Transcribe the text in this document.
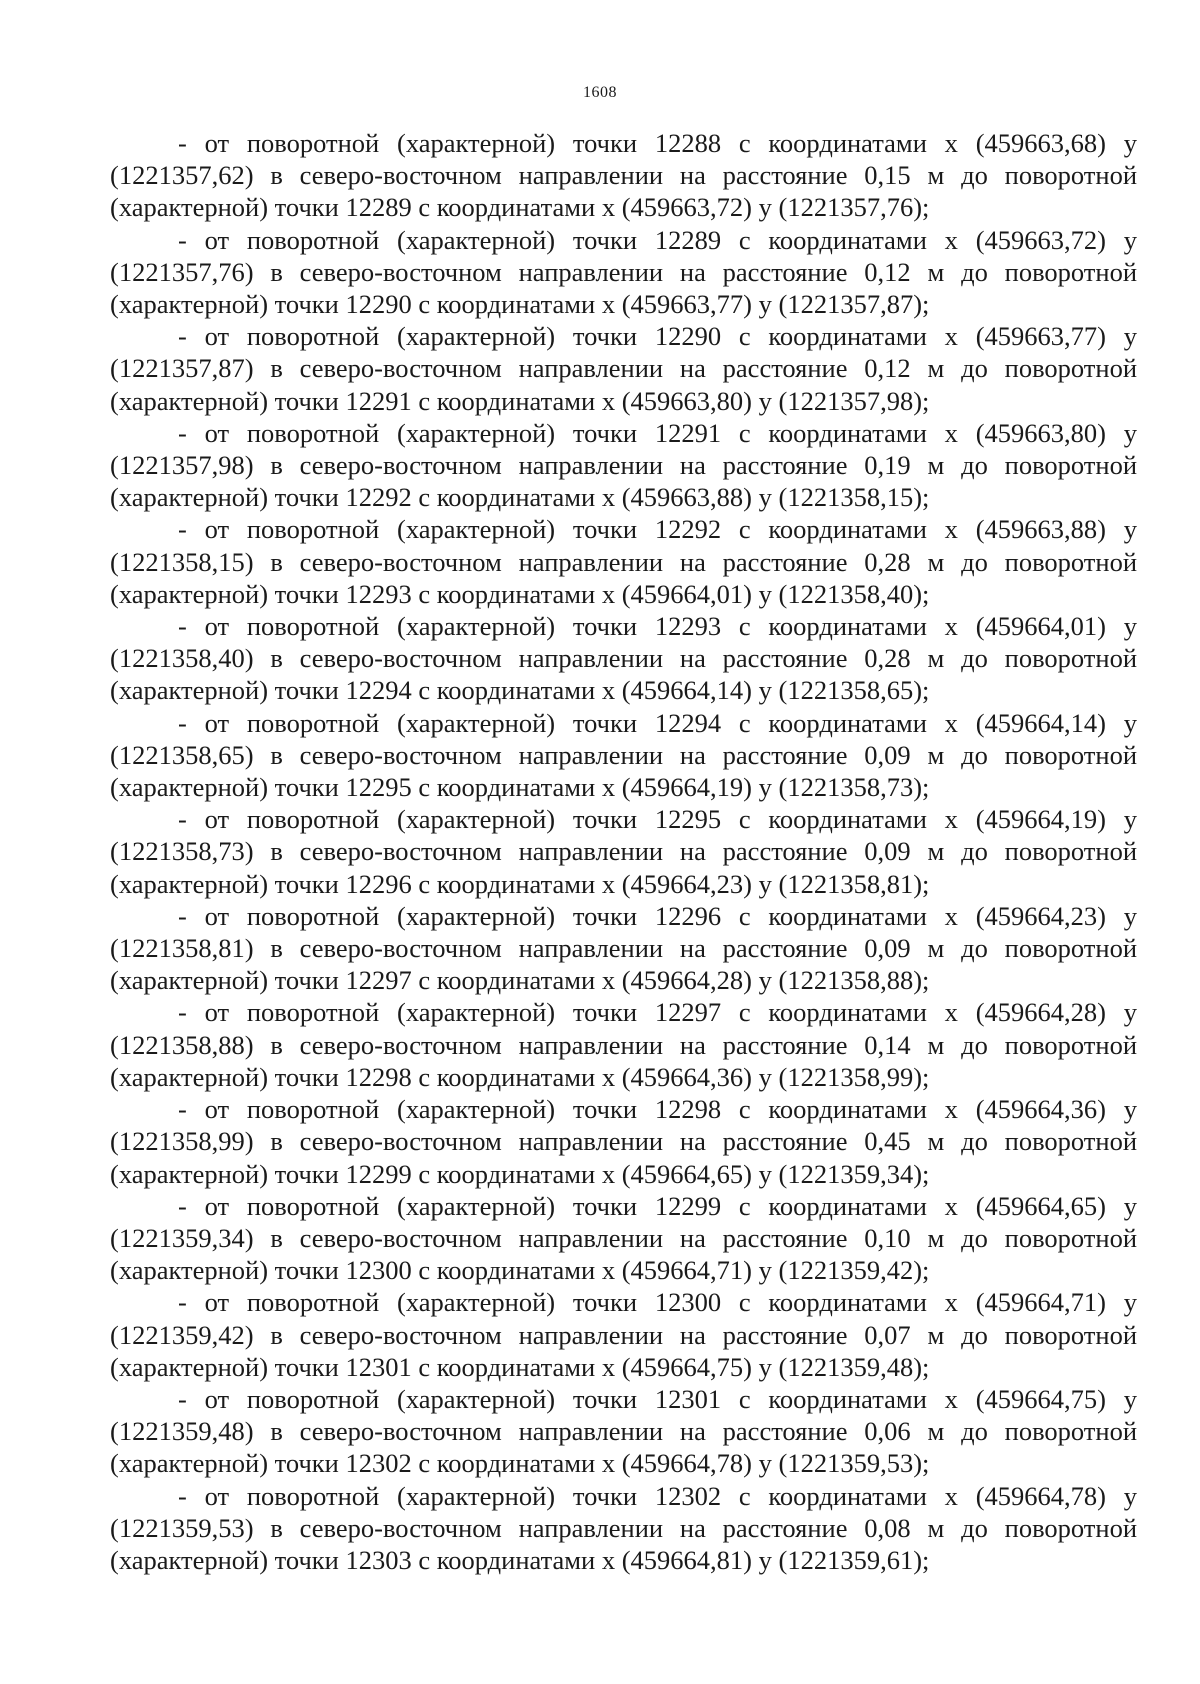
1608

- от поворотной (характерной) точки 12288 с координатами х (459663,68) у (1221357,62) в северо-восточном направлении на расстояние 0,15 м до поворотной (характерной) точки 12289 с координатами х (459663,72) у (1221357,76);

- от поворотной (характерной) точки 12289 с координатами х (459663,72) у (1221357,76) в северо-восточном направлении на расстояние 0,12 м до поворотной (характерной) точки 12290 с координатами х (459663,77) у (1221357,87);

- от поворотной (характерной) точки 12290 с координатами х (459663,77) у (1221357,87) в северо-восточном направлении на расстояние 0,12 м до поворотной (характерной) точки 12291 с координатами х (459663,80) у (1221357,98);

- от поворотной (характерной) точки 12291 с координатами х (459663,80) у (1221357,98) в северо-восточном направлении на расстояние 0,19 м до поворотной (характерной) точки 12292 с координатами х (459663,88) у (1221358,15);

- от поворотной (характерной) точки 12292 с координатами х (459663,88) у (1221358,15) в северо-восточном направлении на расстояние 0,28 м до поворотной (характерной) точки 12293 с координатами х (459664,01) у (1221358,40);

- от поворотной (характерной) точки 12293 с координатами х (459664,01) у (1221358,40) в северо-восточном направлении на расстояние 0,28 м до поворотной (характерной) точки 12294 с координатами х (459664,14) у (1221358,65);

- от поворотной (характерной) точки 12294 с координатами х (459664,14) у (1221358,65) в северо-восточном направлении на расстояние 0,09 м до поворотной (характерной) точки 12295 с координатами х (459664,19) у (1221358,73);

- от поворотной (характерной) точки 12295 с координатами х (459664,19) у (1221358,73) в северо-восточном направлении на расстояние 0,09 м до поворотной (характерной) точки 12296 с координатами х (459664,23) у (1221358,81);

- от поворотной (характерной) точки 12296 с координатами х (459664,23) у (1221358,81) в северо-восточном направлении на расстояние 0,09 м до поворотной (характерной) точки 12297 с координатами х (459664,28) у (1221358,88);

- от поворотной (характерной) точки 12297 с координатами х (459664,28) у (1221358,88) в северо-восточном направлении на расстояние 0,14 м до поворотной (характерной) точки 12298 с координатами х (459664,36) у (1221358,99);

- от поворотной (характерной) точки 12298 с координатами х (459664,36) у (1221358,99) в северо-восточном направлении на расстояние 0,45 м до поворотной (характерной) точки 12299 с координатами х (459664,65) у (1221359,34);

- от поворотной (характерной) точки 12299 с координатами х (459664,65) у (1221359,34) в северо-восточном направлении на расстояние 0,10 м до поворотной (характерной) точки 12300 с координатами х (459664,71) у (1221359,42);

- от поворотной (характерной) точки 12300 с координатами х (459664,71) у (1221359,42) в северо-восточном направлении на расстояние 0,07 м до поворотной (характерной) точки 12301 с координатами х (459664,75) у (1221359,48);

- от поворотной (характерной) точки 12301 с координатами х (459664,75) у (1221359,48) в северо-восточном направлении на расстояние 0,06 м до поворотной (характерной) точки 12302 с координатами х (459664,78) у (1221359,53);

- от поворотной (характерной) точки 12302 с координатами х (459664,78) у (1221359,53) в северо-восточном направлении на расстояние 0,08 м до поворотной (характерной) точки 12303 с координатами х (459664,81) у (1221359,61);
